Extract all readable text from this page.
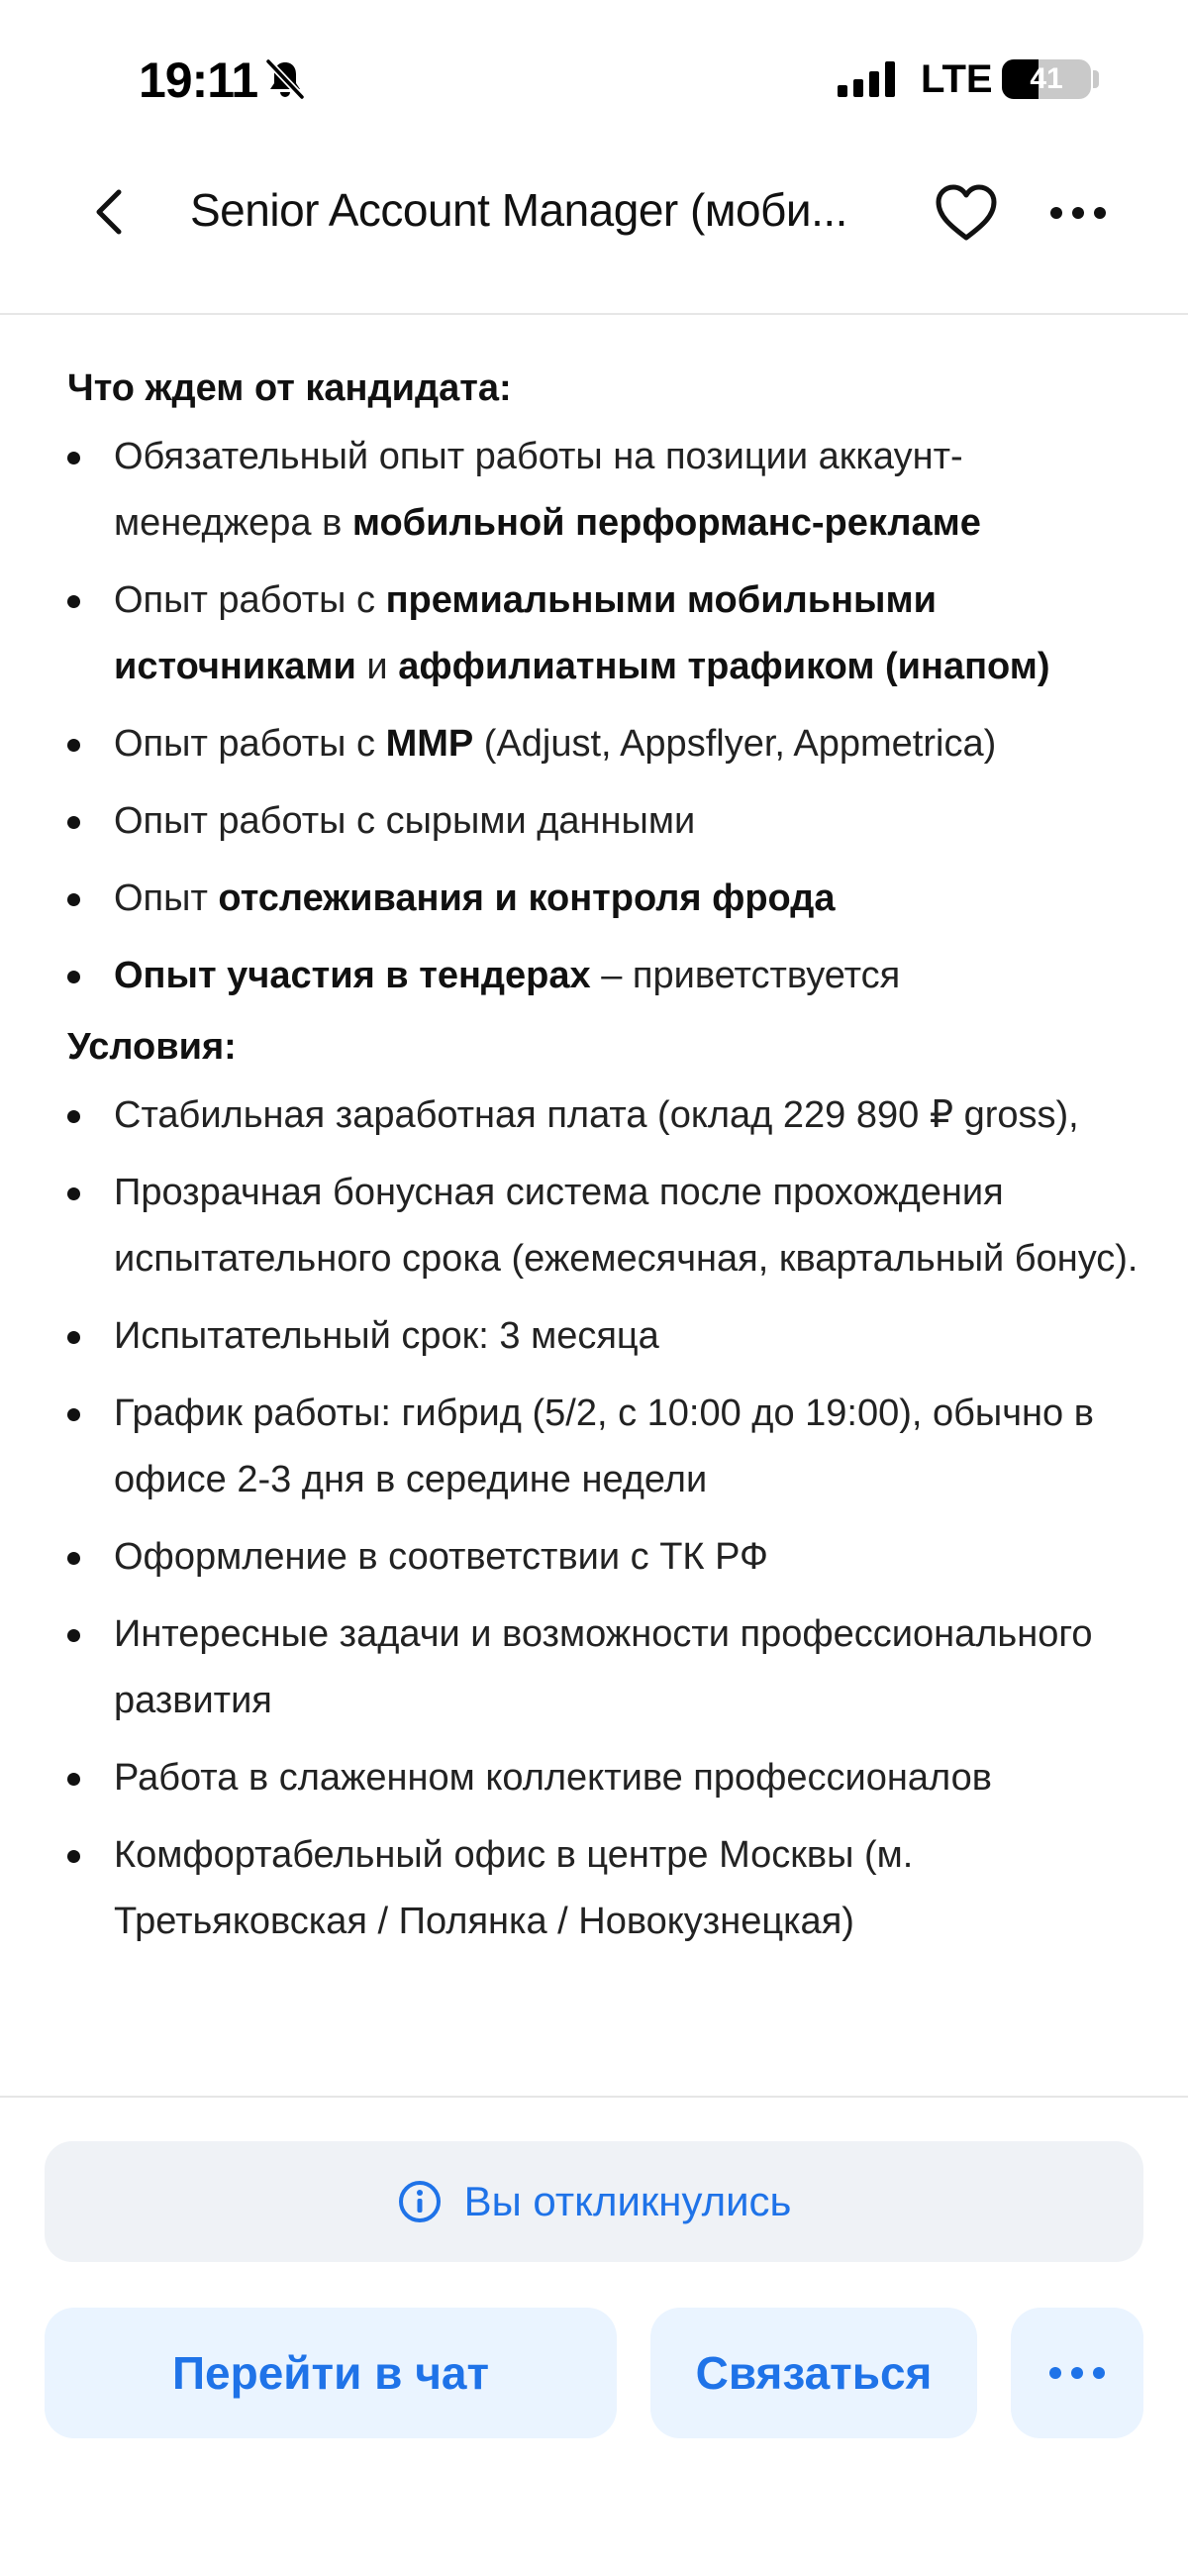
19:11	LTE	41
Senior Account Manager (моби...
Что ждем от кандидата:
Обязательный опыт работы на позиции аккаунт-менеджера в мобильной перформанс-рекламе
Опыт работы с премиальными мобильными источниками и аффилиатным трафиком (инапом)
Опыт работы с MMP (Adjust, Appsflyer, Appmetrica)
Опыт работы с сырыми данными
Опыт отслеживания и контроля фрода
Опыт участия в тендерах – приветствуется
Условия:
Стабильная заработная плата (оклад 229 890 ₽ gross),
Прозрачная бонусная система после прохождения испытательного срока (ежемесячная, квартальный бонус).
Испытательный срок: 3 месяца
График работы: гибрид (5/2, с 10:00 до 19:00), обычно в офисе 2-3 дня в середине недели
Оформление в соответствии с ТК РФ
Интересные задачи и возможности профессионального развития
Работа в слаженном коллективе профессионалов
Комфортабельный офис в центре Москвы (м. Третьяковская / Полянка / Новокузнецкая)
Вы откликнулись
Перейти в чат	Связаться
